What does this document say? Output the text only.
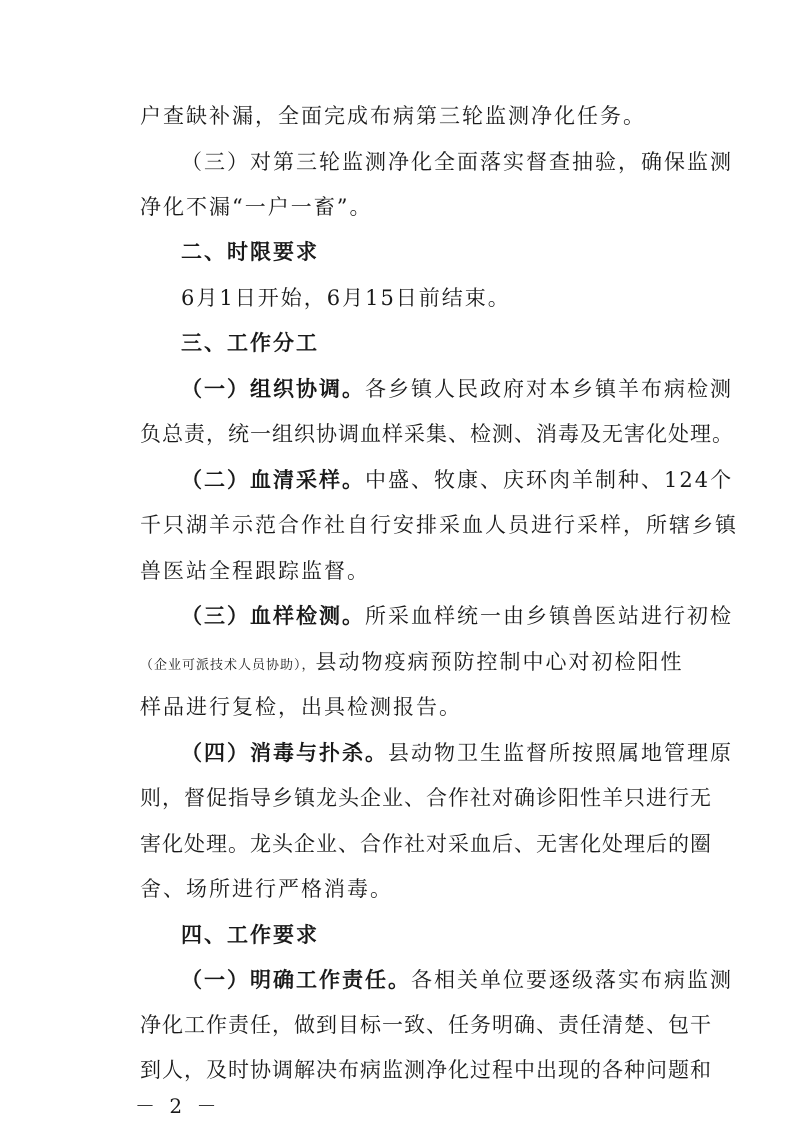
户查缺补漏，全面完成布病第三轮监测净化任务。
（三）对第三轮监测净化全面落实督查抽验，确保监测
净化不漏“一户一畜”。
二、时限要求
6月1日开始，6月15日前结束。
三、工作分工
（一）组织协调。各乡镇人民政府对本乡镇羊布病检测
负总责，统一组织协调血样采集、检测、消毒及无害化处理。
（二）血清采样。中盛、牧康、庆环肉羊制种、124个
千只湖羊示范合作社自行安排采血人员进行采样，所辖乡镇
兽医站全程跟踪监督。
（三）血样检测。所采血样统一由乡镇兽医站进行初检
（企业可派技术人员协助），县动物疫病预防控制中心对初检阳性
样品进行复检，出具检测报告。
（四）消毒与扑杀。县动物卫生监督所按照属地管理原
则，督促指导乡镇龙头企业、合作社对确诊阳性羊只进行无
害化处理。龙头企业、合作社对采血后、无害化处理后的圈
舍、场所进行严格消毒。
四、工作要求
（一）明确工作责任。各相关单位要逐级落实布病监测
净化工作责任，做到目标一致、任务明确、责任清楚、包干
到人，及时协调解决布病监测净化过程中出现的各种问题和
－ 2 －
